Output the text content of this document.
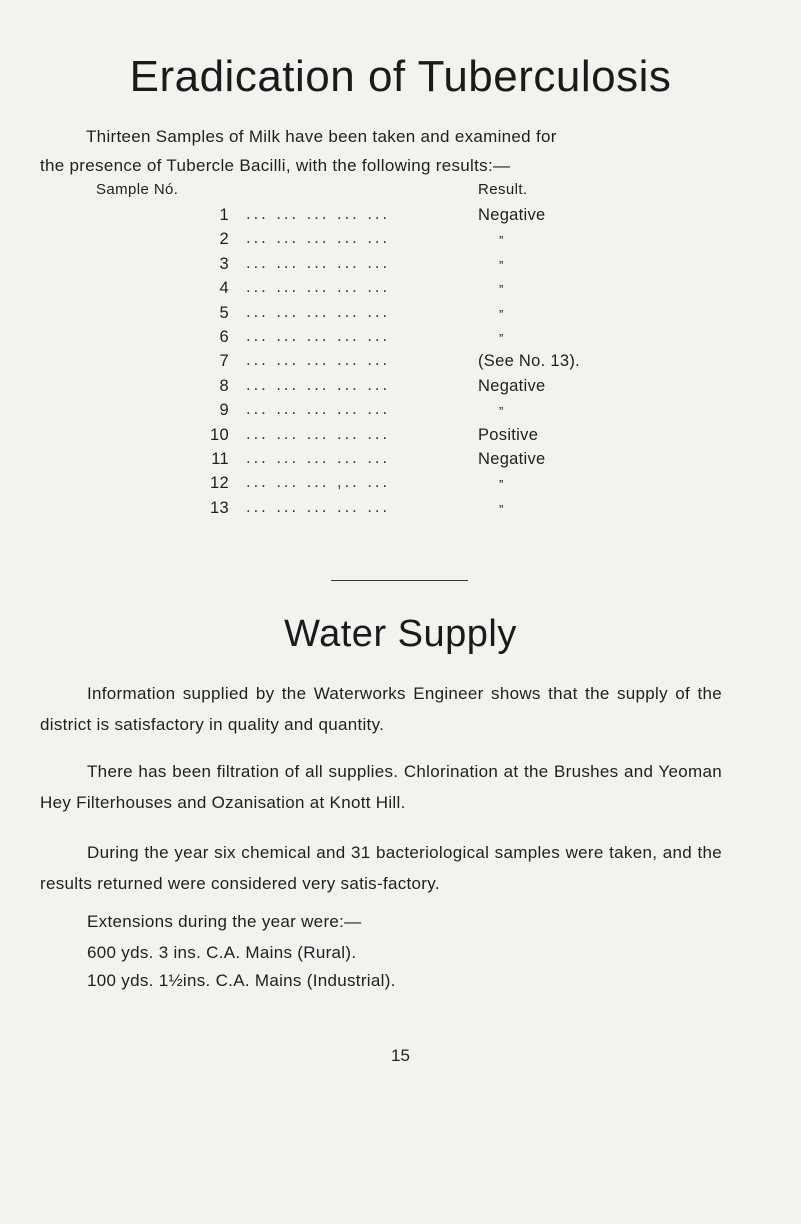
Eradication of Tuberculosis
Thirteen Samples of Milk have been taken and examined for
the presence of Tubercle Bacilli, with the following results:—
Sample Nó.	Result.
1 ... ... ... ... ...	Negative
2 ... ... ... ... ...	”
3 ... ... ... ... ...	”
4 ... ... ... ... ...	”
5 ... ... ... ... ...	”
6 ... ... ... ... ...	”
7 ... ... ... ... ...	(See No. 13).
8 ... ... ... ... ...	Negative
9 ... ... ... ... ...	”
10 ... ... ... ... ...	Positive
11 ... ... ... ... ...	Negative
12 ... ... ... ,.. ...	”
13 ... ... ... ... ...	”
Water Supply

Information supplied by the Waterworks Engineer shows that the supply of the district is satisfactory in quality and quantity.

There has been filtration of all supplies. Chlorination at the Brushes and Yeoman Hey Filterhouses and Ozanisation at Knott Hill.

During the year six chemical and 31 bacteriological samples were taken, and the results returned were considered very satis-factory.

Extensions during the year were:—
600 yds. 3 ins. C.A. Mains (Rural).
100 yds. 1½ins. C.A. Mains (Industrial).
15
